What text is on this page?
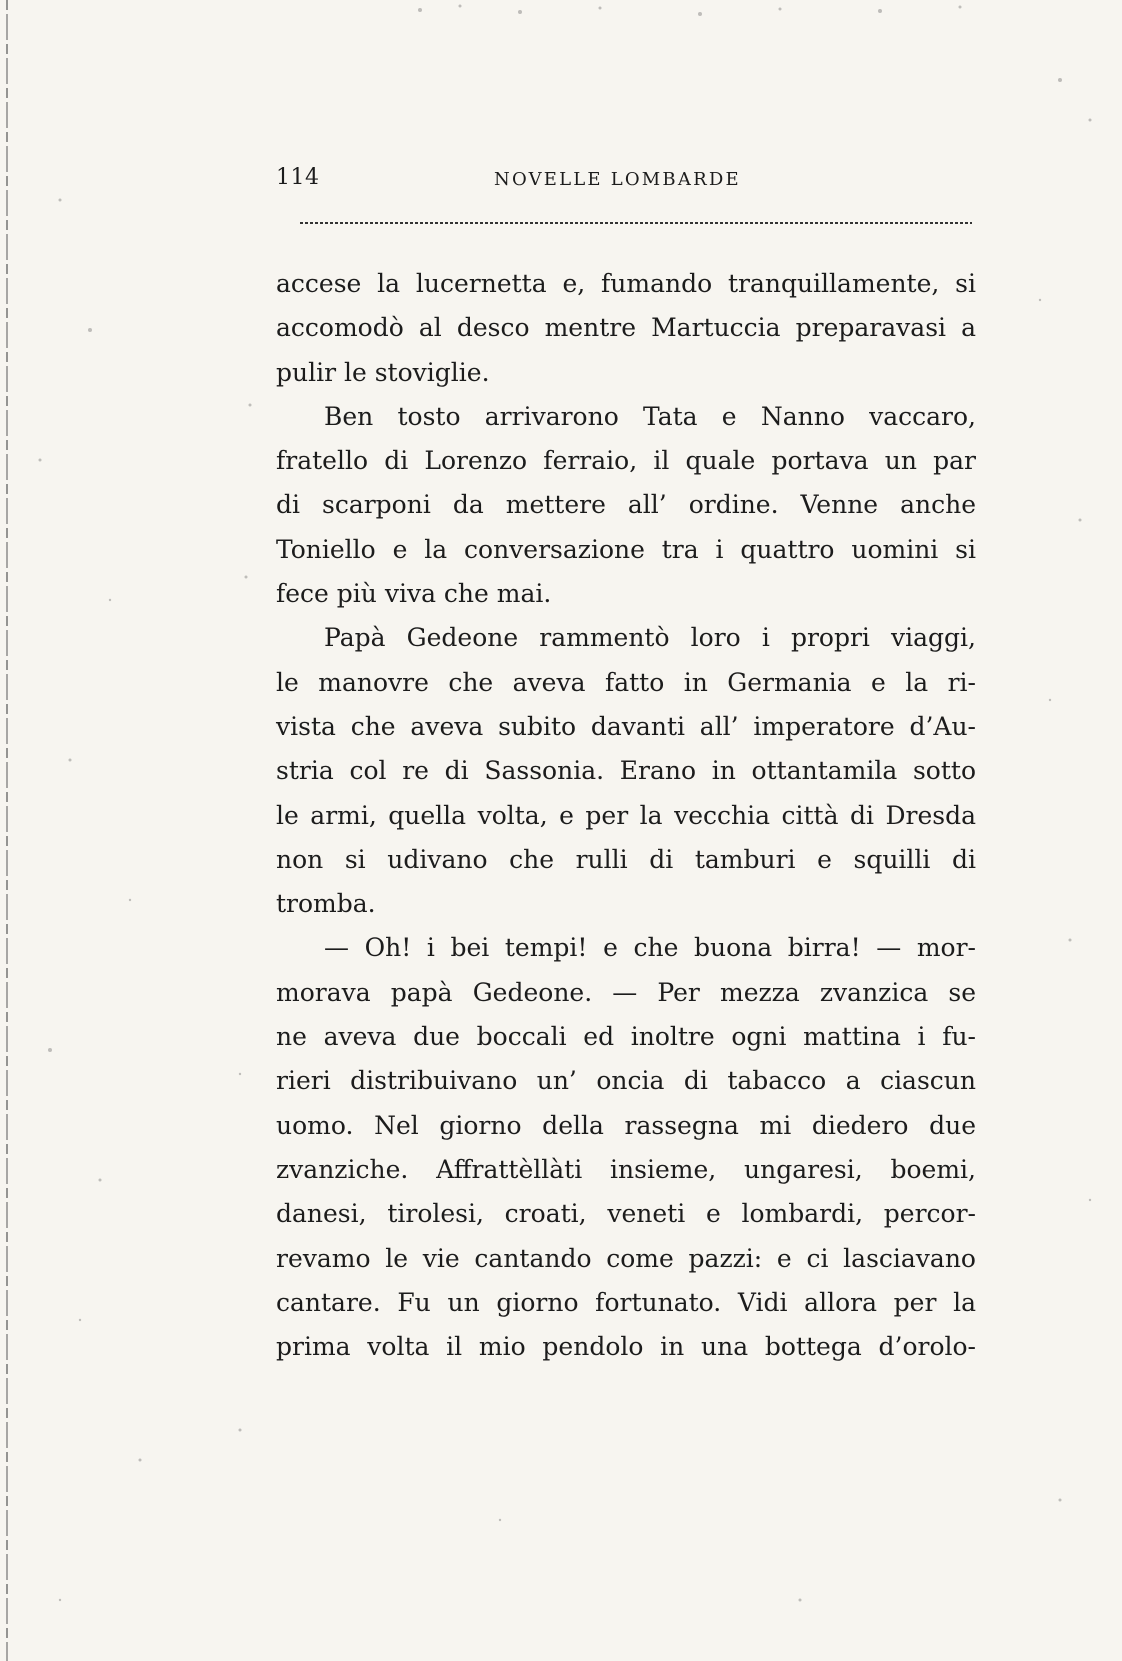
114	NOVELLE LOMBARDE

accese la lucernetta e, fumando tranquillamente, si

accomodò al desco mentre Martuccia preparavasi a

pulir le stoviglie.

Ben tosto arrivarono Tata e Nanno vaccaro,

fratello di Lorenzo ferraio, il quale portava un par

di scarponi da mettere all’ ordine. Venne anche

Toniello e la conversazione tra i quattro uomini si

fece più viva che mai.

Papà Gedeone rammentò loro i propri viaggi,

le manovre che aveva fatto in Germania e la ri-

vista che aveva subito davanti all’ imperatore d’Au-

stria col re di Sassonia. Erano in ottantamila sotto

le armi, quella volta, e per la vecchia città di Dresda

non si udivano che rulli di tamburi e squilli di

tromba.

— Oh! i bei tempi! e che buona birra! — mor-

morava papà Gedeone. — Per mezza zvanzica se

ne aveva due boccali ed inoltre ogni mattina i fu-

rieri distribuivano un’ oncia di tabacco a ciascun

uomo. Nel giorno della rassegna mi diedero due

zvanziche. Affrattèllàti insieme, ungaresi, boemi,

danesi, tirolesi, croati, veneti e lombardi, percor-

revamo le vie cantando come pazzi: e ci lasciavano

cantare. Fu un giorno fortunato. Vidi allora per la

prima volta il mio pendolo in una bottega d’orolo-
